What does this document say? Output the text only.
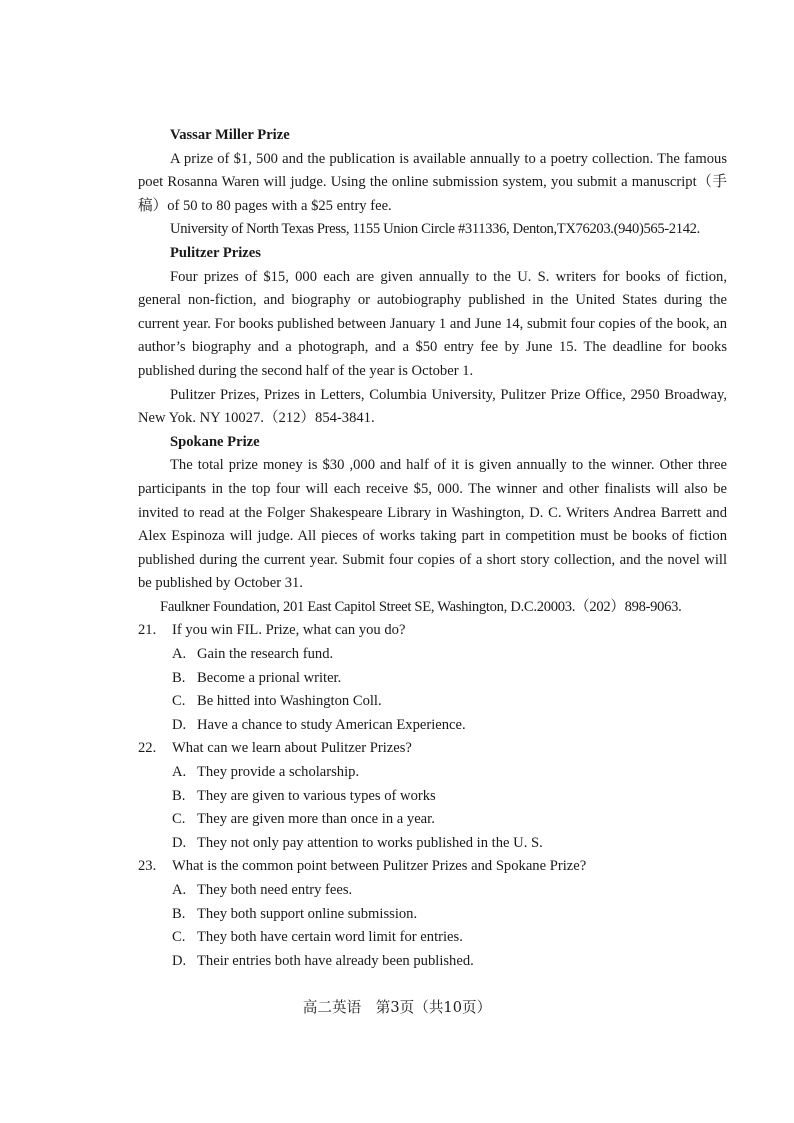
Vassar Miller Prize

A prize of $1, 500 and the publication is available annually to a poetry collection. The famous poet Rosanna Waren will judge. Using the online submission system, you submit a manuscript（手稿）of 50 to 80 pages with a $25 entry fee.

University of North Texas Press, 1155 Union Circle #311336, Denton,TX76203.(940)565-2142.

Pulitzer Prizes

Four prizes of $15, 000 each are given annually to the U. S. writers for books of fiction, general non-fiction, and biography or autobiography published in the United States during the current year. For books published between January 1 and June 14, submit four copies of the book, an author’s biography and a photograph, and a $50 entry fee by June 15. The deadline for books published during the second half of the year is October 1.

Pulitzer Prizes, Prizes in Letters, Columbia University, Pulitzer Prize Office, 2950 Broadway, New Yok. NY 10027.（212）854-3841.

Spokane Prize

The total prize money is $30 ,000 and half of it is given annually to the winner. Other three participants in the top four will each receive $5, 000. The winner and other finalists will also be invited to read at the Folger Shakespeare Library in Washington, D. C. Writers Andrea Barrett and Alex Espinoza will judge. All pieces of works taking part in competition must be books of fiction published during the current year. Submit four copies of a short story collection, and the novel will be published by October 31.

Faulkner Foundation, 201 East Capitol Street SE, Washington, D.C.20003.（202）898-9063.

21.	If you win FIL. Prize, what can you do?
A. Gain the research fund.
B. Become a prional writer.
C. Be hitted into Washington Coll.
D. Have a chance to study American Experience.
22.	What can we learn about Pulitzer Prizes?
A. They provide a scholarship.
B. They are given to various types of works
C. They are given more than once in a year.
D. They not only pay attention to works published in the U. S.
23.	What is the common point between Pulitzer Prizes and Spokane Prize?
A. They both need entry fees.
B. They both support online submission.
C. They both have certain word limit for entries.
D. Their entries both have already been published.
高二英语　第3页（共10页）
